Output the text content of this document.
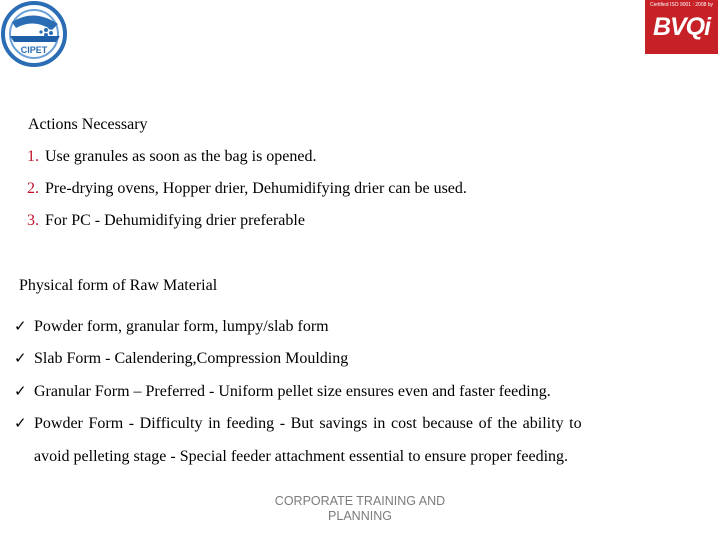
CIPET
Certified ISO 9001 : 2008 by
BVQi
Actions Necessary
1. Use granules as soon as the bag is opened.
2. Pre-drying ovens, Hopper drier, Dehumidifying drier can be used.
3. For PC - Dehumidifying drier preferable
Physical form of Raw Material
✓ Powder form, granular form, lumpy/slab form
✓ Slab Form - Calendering,Compression Moulding
✓ Granular Form – Preferred - Uniform pellet size ensures even and faster feeding.
✓ Powder Form - Difficulty in feeding - But savings in cost because of the ability to
avoid pelleting stage - Special feeder attachment essential to ensure proper feeding.
CORPORATE TRAINING AND
PLANNING
